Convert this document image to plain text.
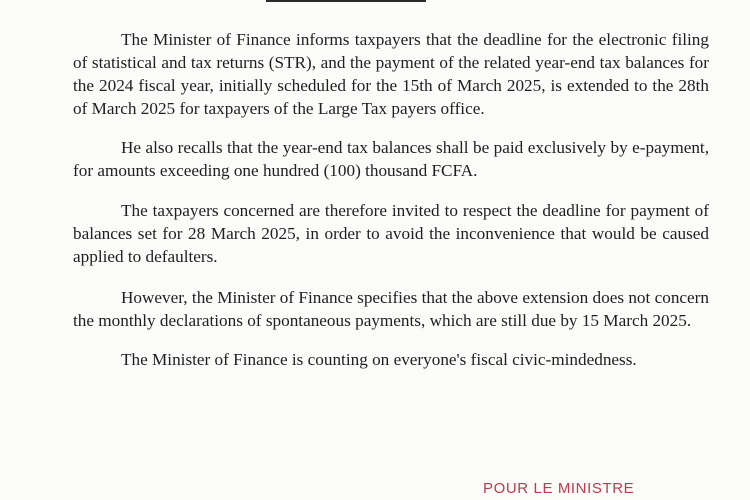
The Minister of Finance informs taxpayers that the deadline for the electronic filing of statistical and tax returns (STR), and the payment of the related year-end tax balances for the 2024 fiscal year, initially scheduled for the 15th of March 2025, is extended to the 28th of March 2025 for taxpayers of the Large Tax payers office.

He also recalls that the year-end tax balances shall be paid exclusively by e-payment, for amounts exceeding one hundred (100) thousand FCFA.

The taxpayers concerned are therefore invited to respect the deadline for payment of balances set for 28 March 2025, in order to avoid the inconvenience that would be caused applied to defaulters.

However, the Minister of Finance specifies that the above extension does not concern the monthly declarations of spontaneous payments, which are still due by 15 March 2025.

The Minister of Finance is counting on everyone's fiscal civic-mindedness.

POUR LE MINISTRE
